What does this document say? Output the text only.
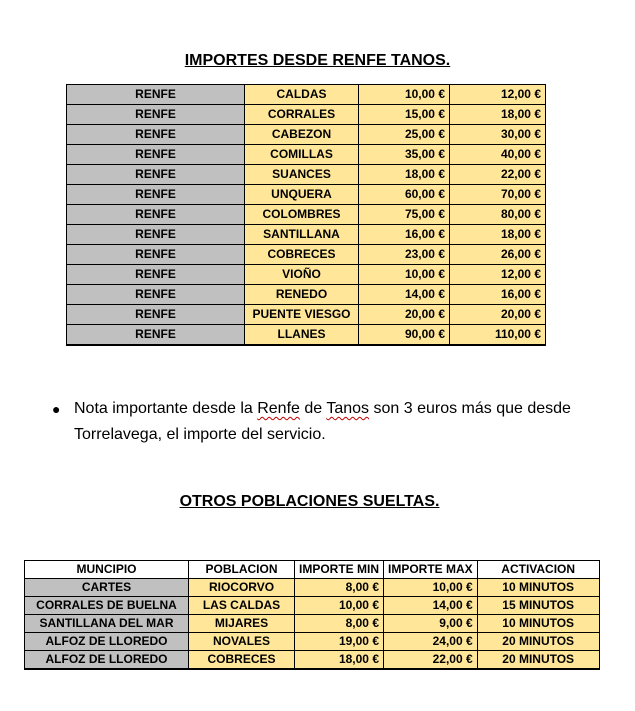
IMPORTES DESDE RENFE TANOS.
RENFE	CALDAS	10,00 €	12,00 €
RENFE	CORRALES	15,00 €	18,00 €
RENFE	CABEZON	25,00 €	30,00 €
RENFE	COMILLAS	35,00 €	40,00 €
RENFE	SUANCES	18,00 €	22,00 €
RENFE	UNQUERA	60,00 €	70,00 €
RENFE	COLOMBRES	75,00 €	80,00 €
RENFE	SANTILLANA	16,00 €	18,00 €
RENFE	COBRECES	23,00 €	26,00 €
RENFE	VIOÑO	10,00 €	12,00 €
RENFE	RENEDO	14,00 €	16,00 €
RENFE	PUENTE VIESGO	20,00 €	20,00 €
RENFE	LLANES	90,00 €	110,00 €
● Nota importante desde la Renfe de Tanos son 3 euros más que desde Torrelavega, el importe del servicio.
OTROS POBLACIONES SUELTAS.
MUNCIPIO	POBLACION	IMPORTE MIN	IMPORTE MAX	ACTIVACION
CARTES	RIOCORVO	8,00 €	10,00 €	10 MINUTOS
CORRALES DE BUELNA	LAS CALDAS	10,00 €	14,00 €	15 MINUTOS
SANTILLANA DEL MAR	MIJARES	8,00 €	9,00 €	10 MINUTOS
ALFOZ DE LLOREDO	NOVALES	19,00 €	24,00 €	20 MINUTOS
ALFOZ DE LLOREDO	COBRECES	18,00 €	22,00 €	20 MINUTOS
